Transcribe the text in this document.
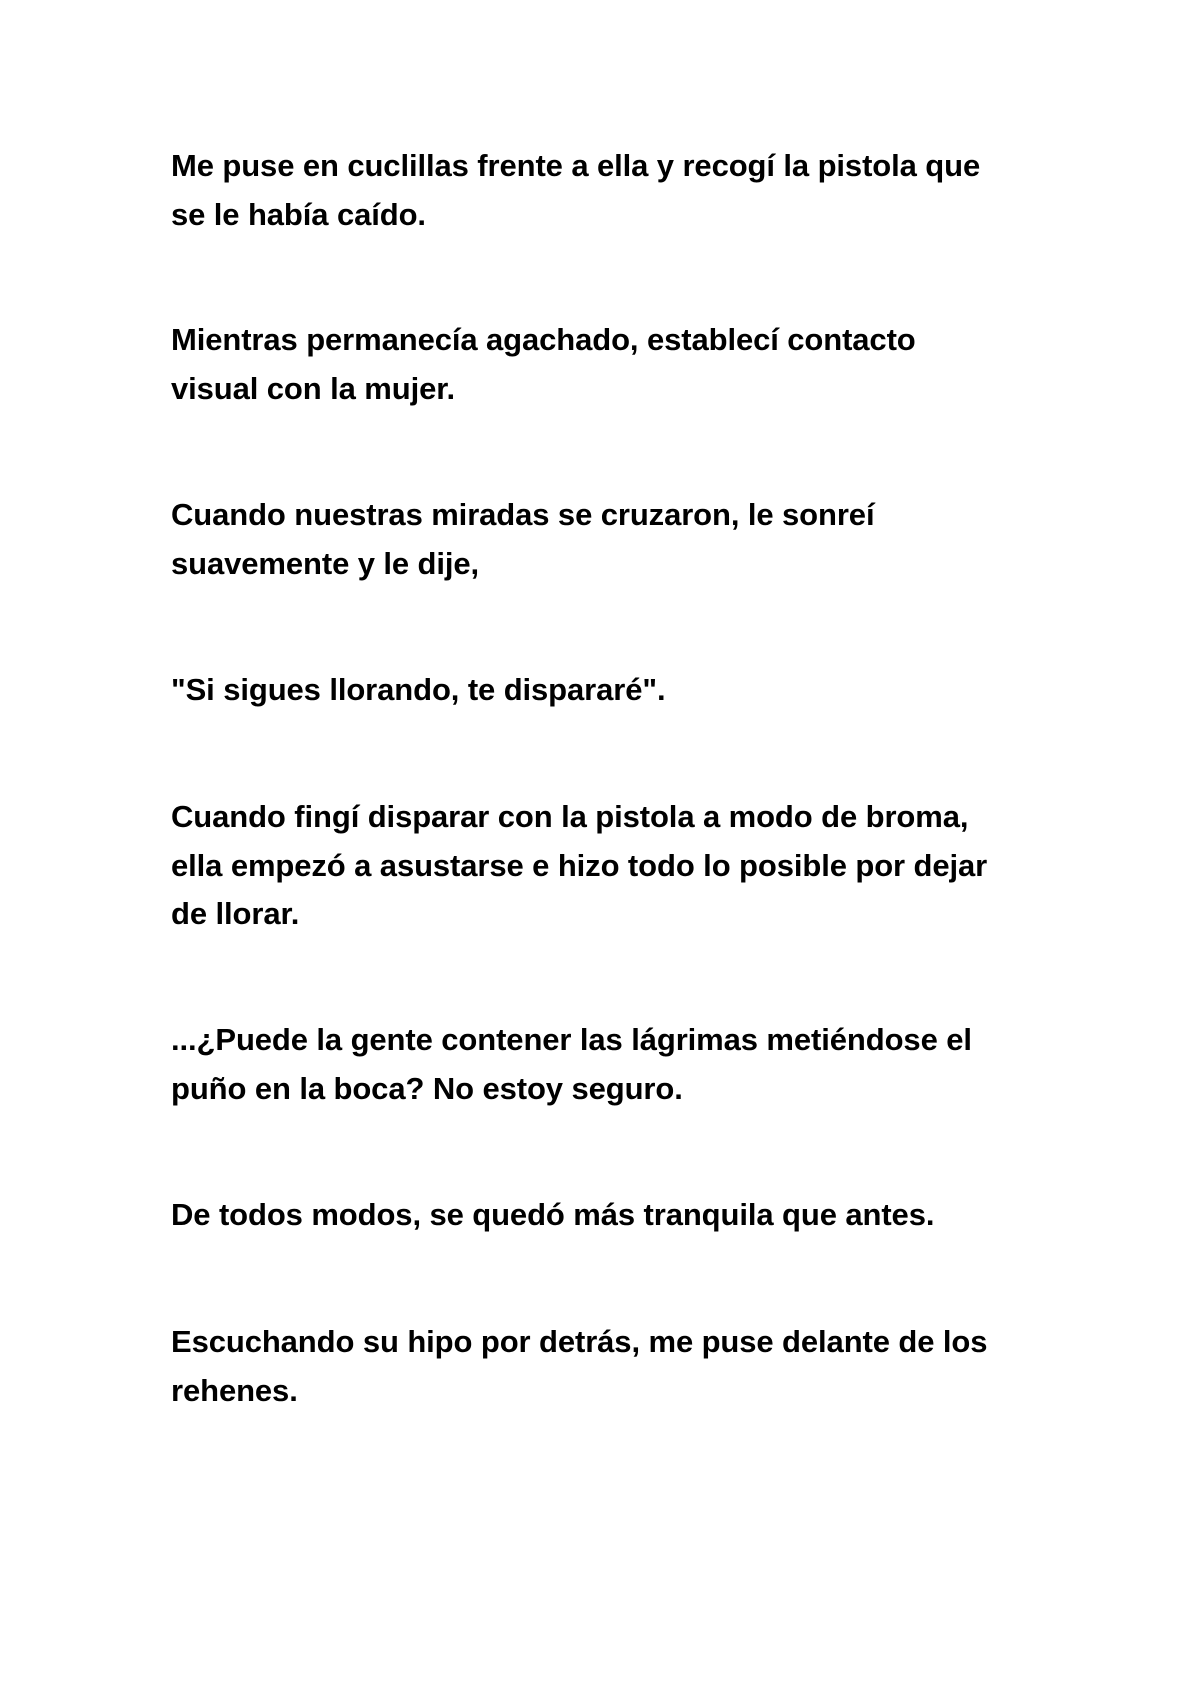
Me puse en cuclillas frente a ella y recogí la pistola que
se le había caído.

Mientras permanecía agachado, establecí contacto
visual con la mujer.

Cuando nuestras miradas se cruzaron, le sonreí
suavemente y le dije,

"Si sigues llorando, te dispararé".

Cuando fingí disparar con la pistola a modo de broma,
ella empezó a asustarse e hizo todo lo posible por dejar
de llorar.

...¿Puede la gente contener las lágrimas metiéndose el
puño en la boca? No estoy seguro.

De todos modos, se quedó más tranquila que antes.

Escuchando su hipo por detrás, me puse delante de los
rehenes.
